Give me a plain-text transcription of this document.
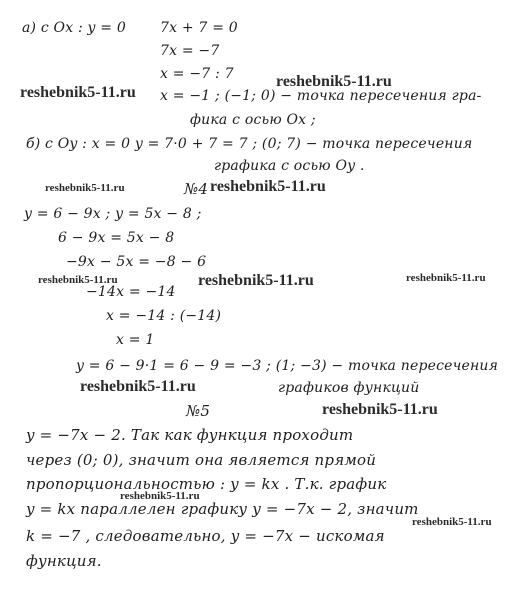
а) с Ox : y = 0 7x + 7 = 0
7x = −7
x = −7 : 7	reshebnik5-11.ru
reshebnik5-11.ru x = −1 ; (−1; 0) − точка пересечения гра-
фика с осью Ox ;
б) с Oy : x = 0 y = 7·0 + 7 = 7 ; (0; 7) − точка пересечения
графика с осью Oy .
reshebnik5-11.ru	№4 reshebnik5-11.ru
y = 6 − 9x ; y = 5x − 8 ;
6 − 9x = 5x − 8
−9x − 5x = −8 − 6
reshebnik5-11.ru	reshebnik5-11.ru	reshebnik5-11.ru
−14x = −14
x = −14 : (−14)
x = 1
y = 6 − 9·1 = 6 − 9 = −3 ; (1; −3) − точка пересечения
reshebnik5-11.ru	графиков функций
№5	reshebnik5-11.ru
y = −7x − 2. Так как функция проходит
через (0; 0), значит она является прямой
пропорциональностью : y = kx . Т.к. график
reshebnik5-11.ru
y = kx параллелен графику y = −7x − 2, значит
reshebnik5-11.ru
k = −7 , следовательно, y = −7x − искомая
функция.
